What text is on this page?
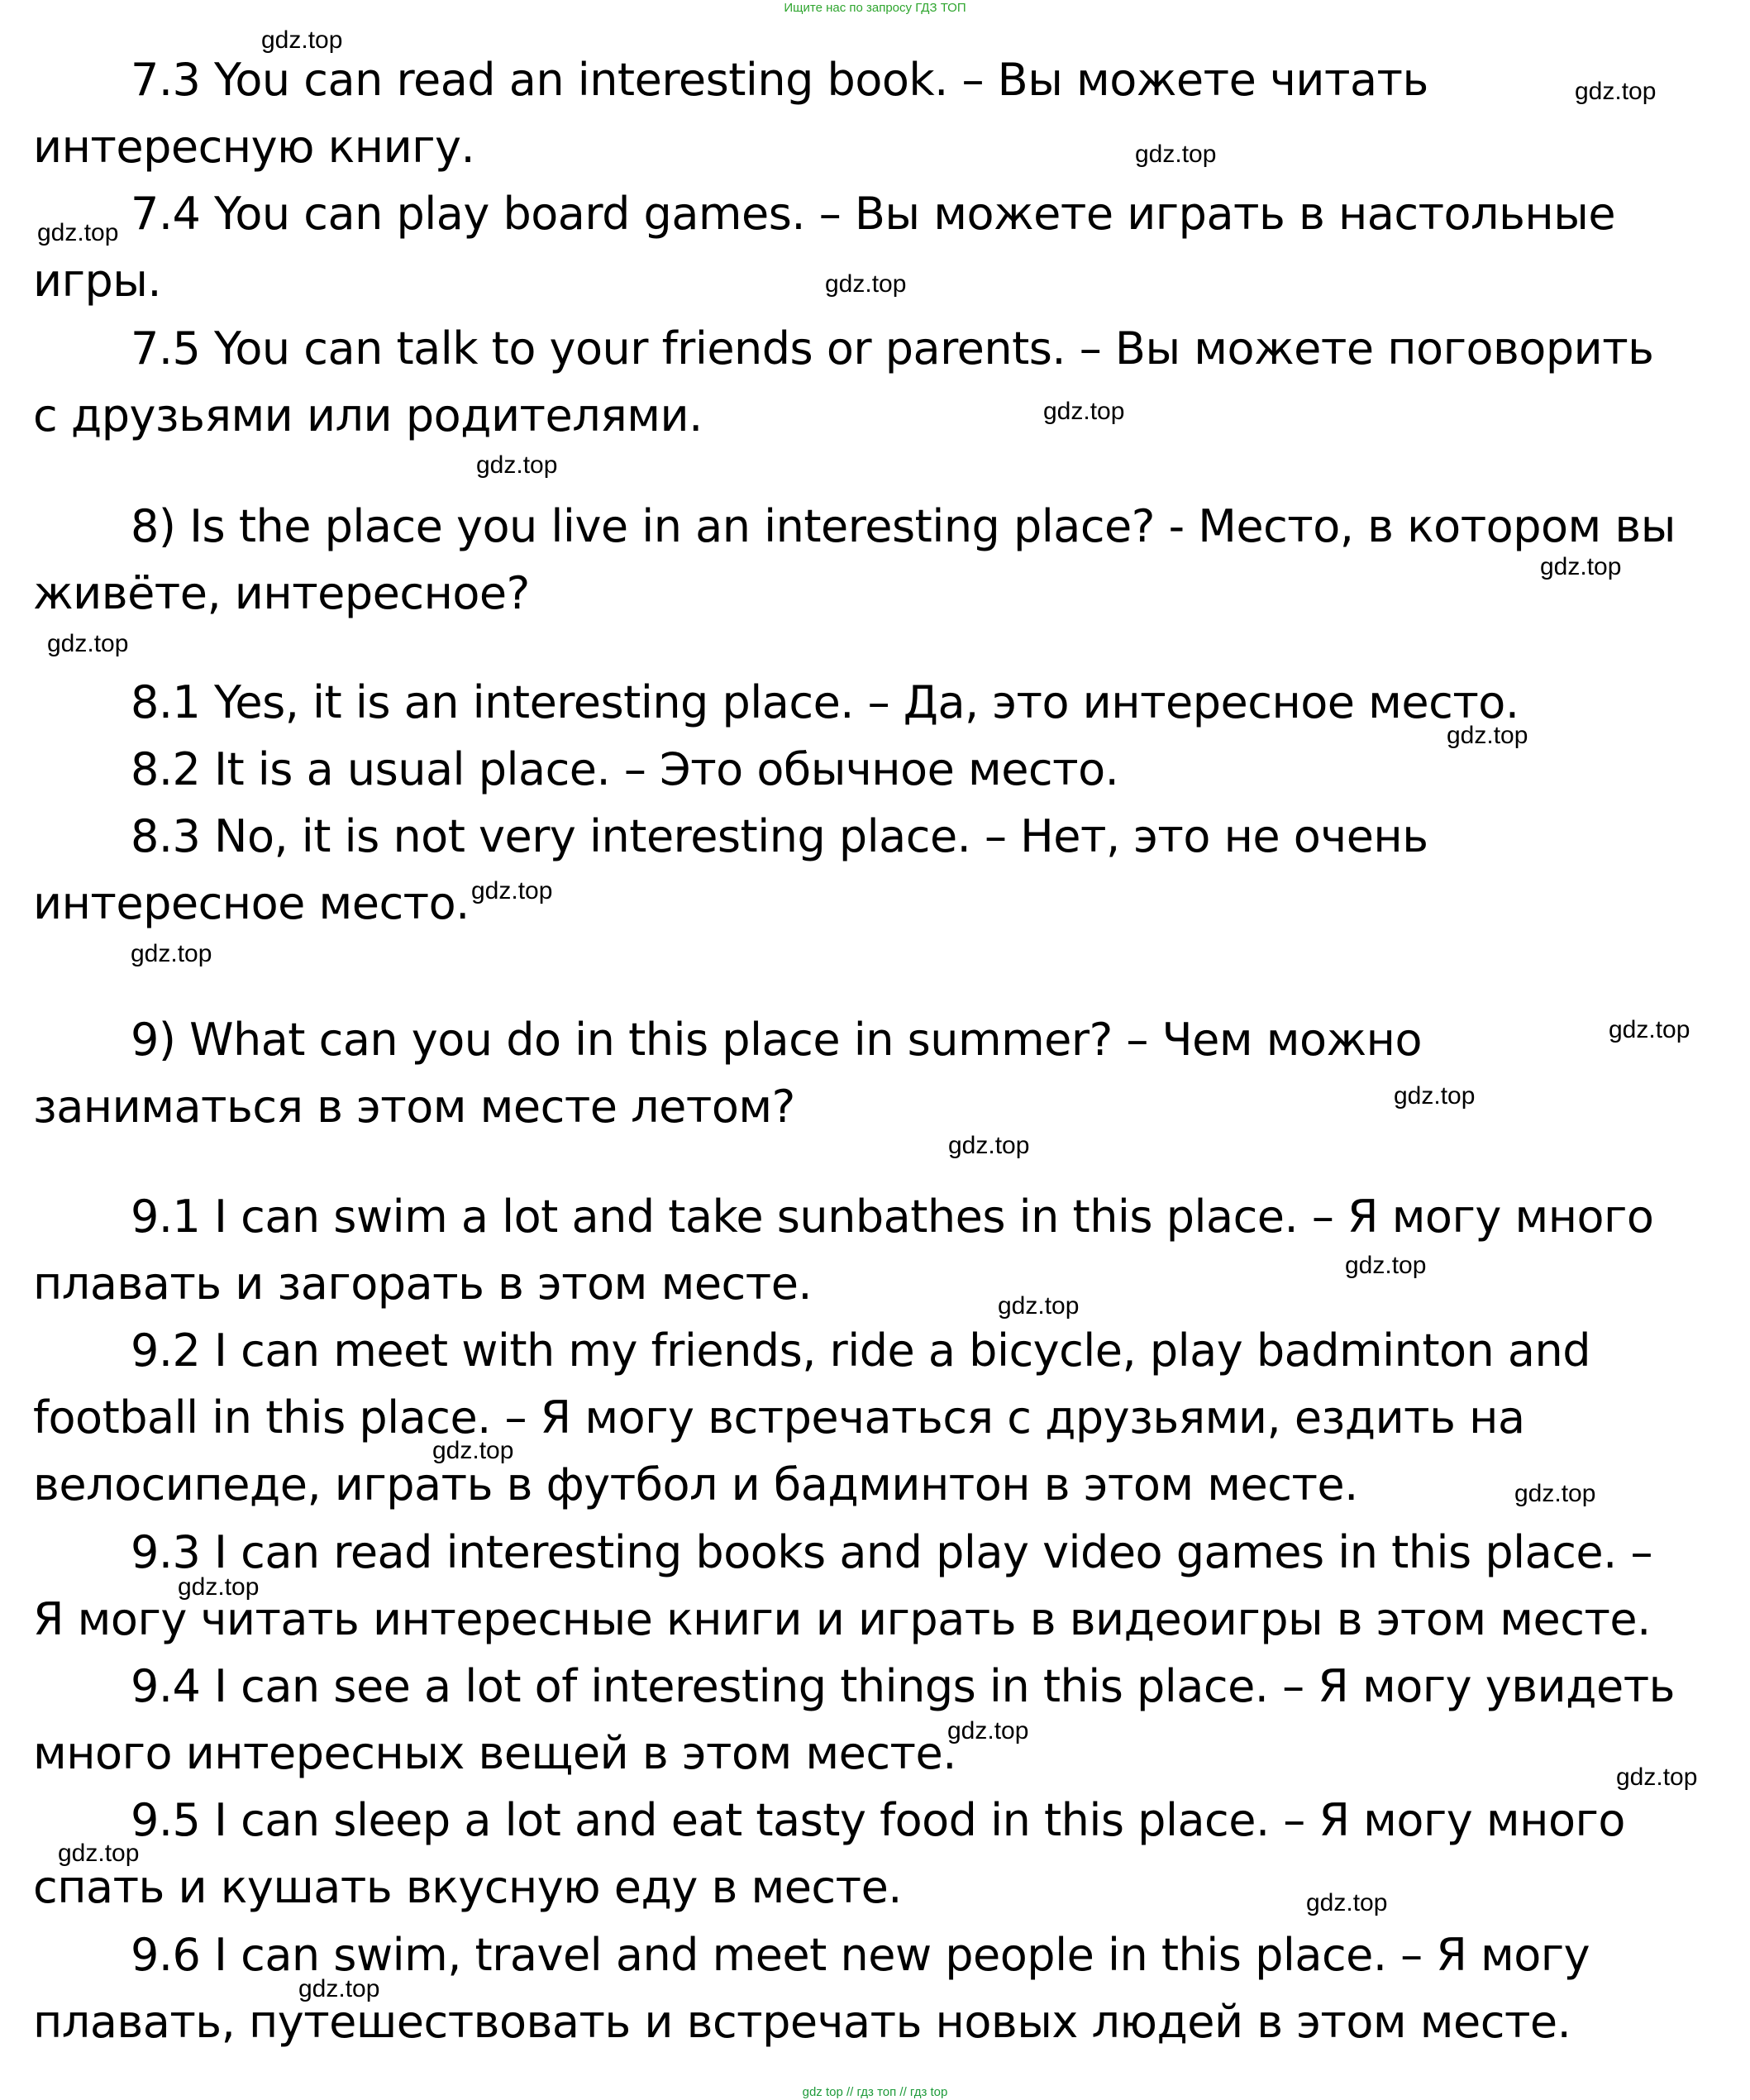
Ищите нас по запросу ГДЗ ТОП
7.3 You can read an interesting book. – Вы можете читать
интересную книгу.
7.4 You can play board games. – Вы можете играть в настольные
игры.
7.5 You can talk to your friends or parents. – Вы можете поговорить
с друзьями или родителями.
8) Is the place you live in an interesting place? - Место, в котором вы
живёте, интересное?
8.1 Yes, it is an interesting place. – Да, это интересное место.
8.2 It is a usual place. – Это обычное место.
8.3 No, it is not very interesting place. – Нет, это не очень
интересное место.
9) What can you do in this place in summer? – Чем можно
заниматься в этом месте летом?
9.1 I can swim a lot and take sunbathes in this place. – Я могу много
плавать и загорать в этом месте.
9.2 I can meet with my friends, ride a bicycle, play badminton and
football in this place. – Я могу встречаться с друзьями, ездить на
велосипеде, играть в футбол и бадминтон в этом месте.
9.3 I can read interesting books and play video games in this place. –
Я могу читать интересные книги и играть в видеоигры в этом месте.
9.4 I can see a lot of interesting things in this place. – Я могу увидеть
много интересных вещей в этом месте.
9.5 I can sleep a lot and eat tasty food in this place. – Я могу много
спать и кушать вкусную еду в месте.
9.6 I can swim, travel and meet new people in this place. – Я могу
плавать, путешествовать и встречать новых людей в этом месте.
gdz.top
gdz.top
gdz.top
gdz.top
gdz.top
gdz.top
gdz.top
gdz.top
gdz.top
gdz.top
gdz.top
gdz.top
gdz.top
gdz.top
gdz.top
gdz.top
gdz.top
gdz.top
gdz.top
gdz.top
gdz.top
gdz.top
gdz.top
gdz.top
gdz.top
gdz top // гдз топ // гдз top
